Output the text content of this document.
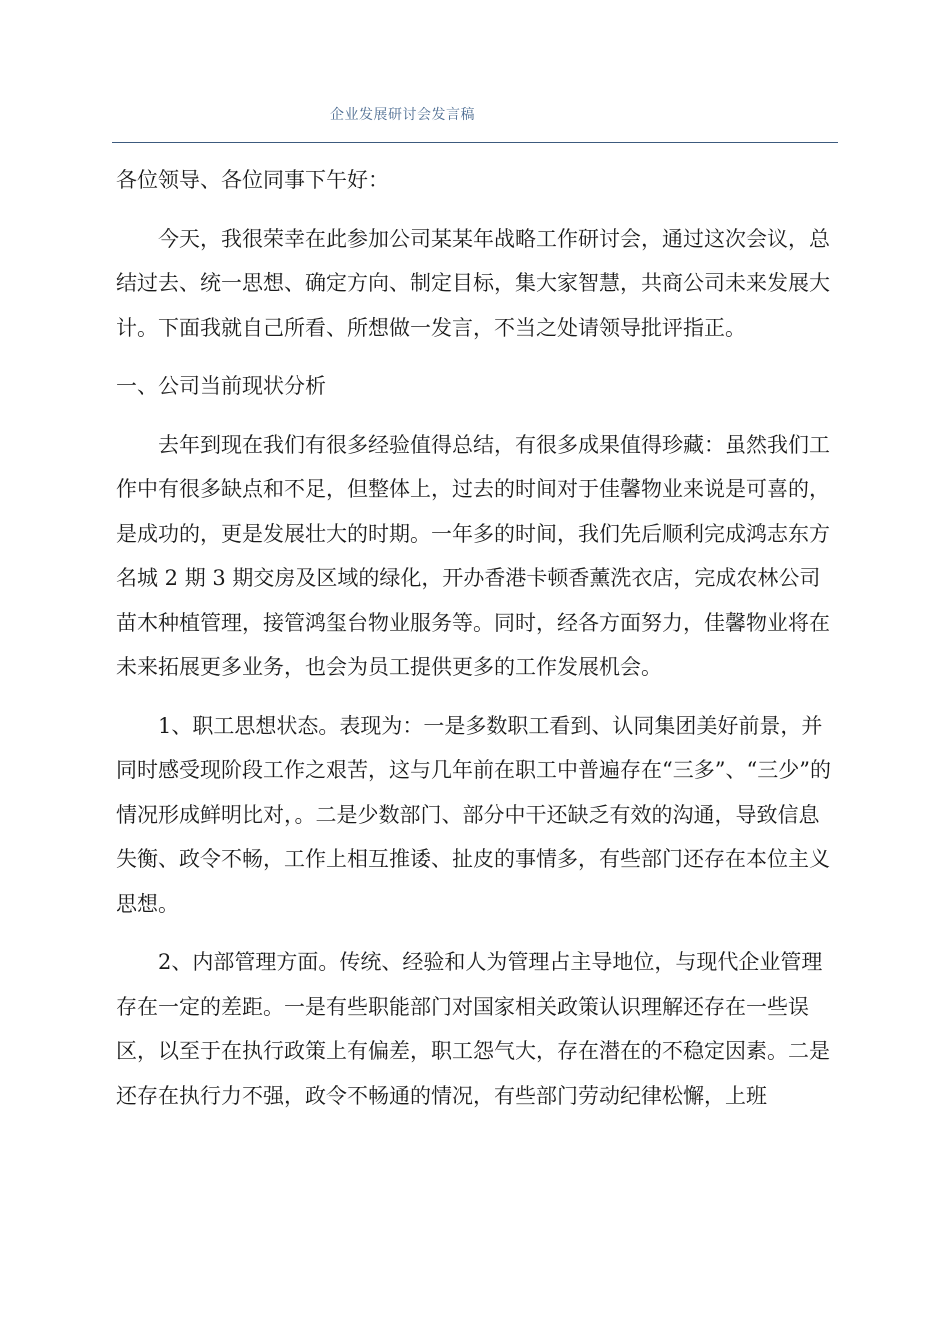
企业发展研讨会发言稿

各位领导、各位同事下午好：

今天，我很荣幸在此参加公司某某年战略工作研讨会，通过这次会议，总结过去、统一思想、确定方向、制定目标，集大家智慧，共商公司未来发展大计。下面我就自己所看、所想做一发言，不当之处请领导批评指正。

一、公司当前现状分析

去年到现在我们有很多经验值得总结，有很多成果值得珍藏：虽然我们工作中有很多缺点和不足，但整体上，过去的时间对于佳馨物业来说是可喜的，是成功的，更是发展壮大的时期。一年多的时间，我们先后顺利完成鸿志东方名城 2 期 3 期交房及区域的绿化，开办香港卡顿香薰洗衣店，完成农林公司苗木种植管理，接管鸿玺台物业服务等。同时，经各方面努力，佳馨物业将在未来拓展更多业务，也会为员工提供更多的工作发展机会。

1、职工思想状态。表现为：一是多数职工看到、认同集团美好前景，并同时感受现阶段工作之艰苦，这与几年前在职工中普遍存在“三多”、“三少”的情况形成鲜明比对，。二是少数部门、部分中干还缺乏有效的沟通，导致信息失衡、政令不畅，工作上相互推诿、扯皮的事情多，有些部门还存在本位主义思想。

2、内部管理方面。传统、经验和人为管理占主导地位，与现代企业管理存在一定的差距。一是有些职能部门对国家相关政策认识理解还存在一些误区，以至于在执行政策上有偏差，职工怨气大，存在潜在的不稳定因素。二是还存在执行力不强，政令不畅通的情况，有些部门劳动纪律松懈，上班
